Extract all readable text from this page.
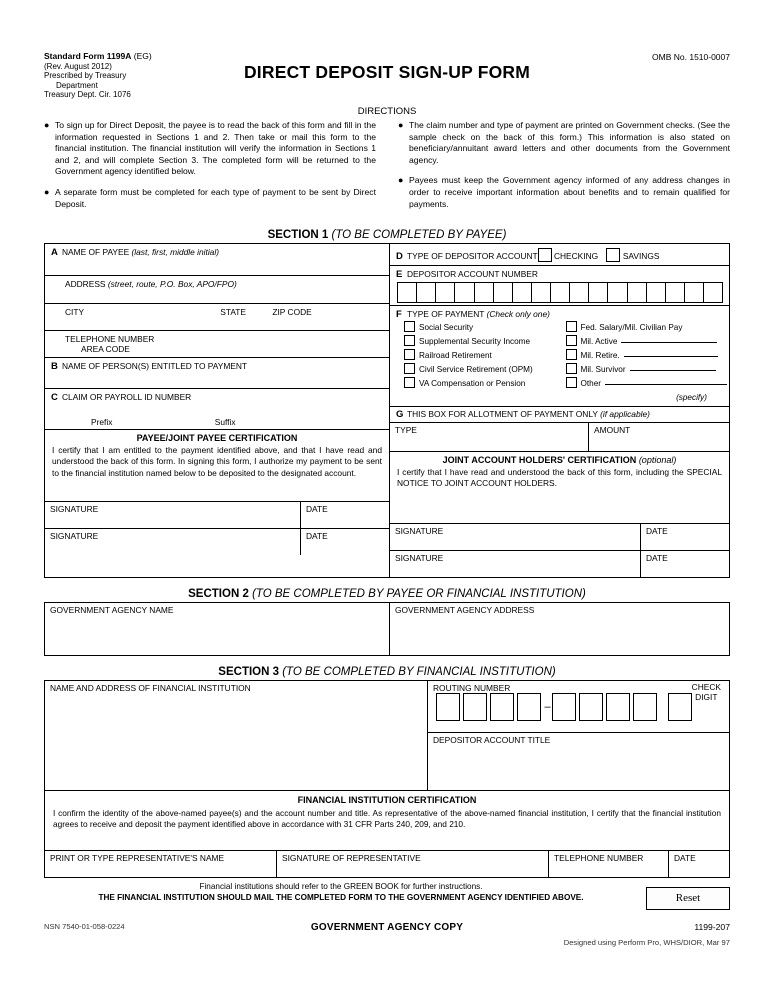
Standard Form 1199A (EG)
(Rev. August 2012)
Prescribed by Treasury
Department
Treasury Dept. Cir. 1076
OMB No. 1510-0007
DIRECT DEPOSIT SIGN-UP FORM
DIRECTIONS
● To sign up for Direct Deposit, the payee is to read the back of this form and fill in the information requested in Sections 1 and 2. Then take or mail this form to the financial institution. The financial institution will verify the information in Sections 1 and 2, and will complete Section 3. The completed form will be returned to the Government agency identified below.
● A separate form must be completed for each type of payment to be sent by Direct Deposit.
● The claim number and type of payment are printed on Government checks. (See the sample check on the back of this form.) This information is also stated on beneficiary/annuitant award letters and other documents from the Government agency.
● Payees must keep the Government agency informed of any address changes in order to receive important information about benefits and to remain qualified for payments.
SECTION 1 (TO BE COMPLETED BY PAYEE)
A NAME OF PAYEE (last, first, middle initial)
ADDRESS (street, route, P.O. Box, APO/FPO)
CITY	STATE	ZIP CODE
TELEPHONE NUMBER
AREA CODE
B NAME OF PERSON(S) ENTITLED TO PAYMENT
C CLAIM OR PAYROLL ID NUMBER
Prefix	Suffix
PAYEE/JOINT PAYEE CERTIFICATION
I certify that I am entitled to the payment identified above, and that I have read and understood the back of this form. In signing this form, I authorize my payment to be sent to the financial institution named below to be deposited to the designated account.
SIGNATURE	DATE
SIGNATURE	DATE
D TYPE OF DEPOSITOR ACCOUNT CHECKING	SAVINGS
E DEPOSITOR ACCOUNT NUMBER
F TYPE OF PAYMENT (Check only one)
Social Security
Supplemental Security Income
Railroad Retirement
Civil Service Retirement (OPM)
VA Compensation or Pension
Fed. Salary/Mil. Civilian Pay
Mil. Active
Mil. Retire.
Mil. Survivor
Other
(specify)
G THIS BOX FOR ALLOTMENT OF PAYMENT ONLY (if applicable)
TYPE	AMOUNT
JOINT ACCOUNT HOLDERS' CERTIFICATION (optional)
I certify that I have read and understood the back of this form, including the SPECIAL NOTICE TO JOINT ACCOUNT HOLDERS.
SIGNATURE	DATE
SIGNATURE	DATE
SECTION 2 (TO BE COMPLETED BY PAYEE OR FINANCIAL INSTITUTION)
GOVERNMENT AGENCY NAME	GOVERNMENT AGENCY ADDRESS
SECTION 3 (TO BE COMPLETED BY FINANCIAL INSTITUTION)
NAME AND ADDRESS OF FINANCIAL INSTITUTION	ROUTING NUMBER	CHECK
DIGIT
–
DEPOSITOR ACCOUNT TITLE
FINANCIAL INSTITUTION CERTIFICATION
I confirm the identity of the above-named payee(s) and the account number and title. As representative of the above-named financial institution, I certify that the financial institution agrees to receive and deposit the payment identified above in accordance with 31 CFR Parts 240, 209, and 210.
PRINT OR TYPE REPRESENTATIVE'S NAME	SIGNATURE OF REPRESENTATIVE	TELEPHONE NUMBER	DATE
Financial institutions should refer to the GREEN BOOK for further instructions.
THE FINANCIAL INSTITUTION SHOULD MAIL THE COMPLETED FORM TO THE GOVERNMENT AGENCY IDENTIFIED ABOVE.	Reset
NSN 7540-01-058-0224	GOVERNMENT AGENCY COPY	1199-207
Designed using Perform Pro, WHS/DIOR, Mar 97
